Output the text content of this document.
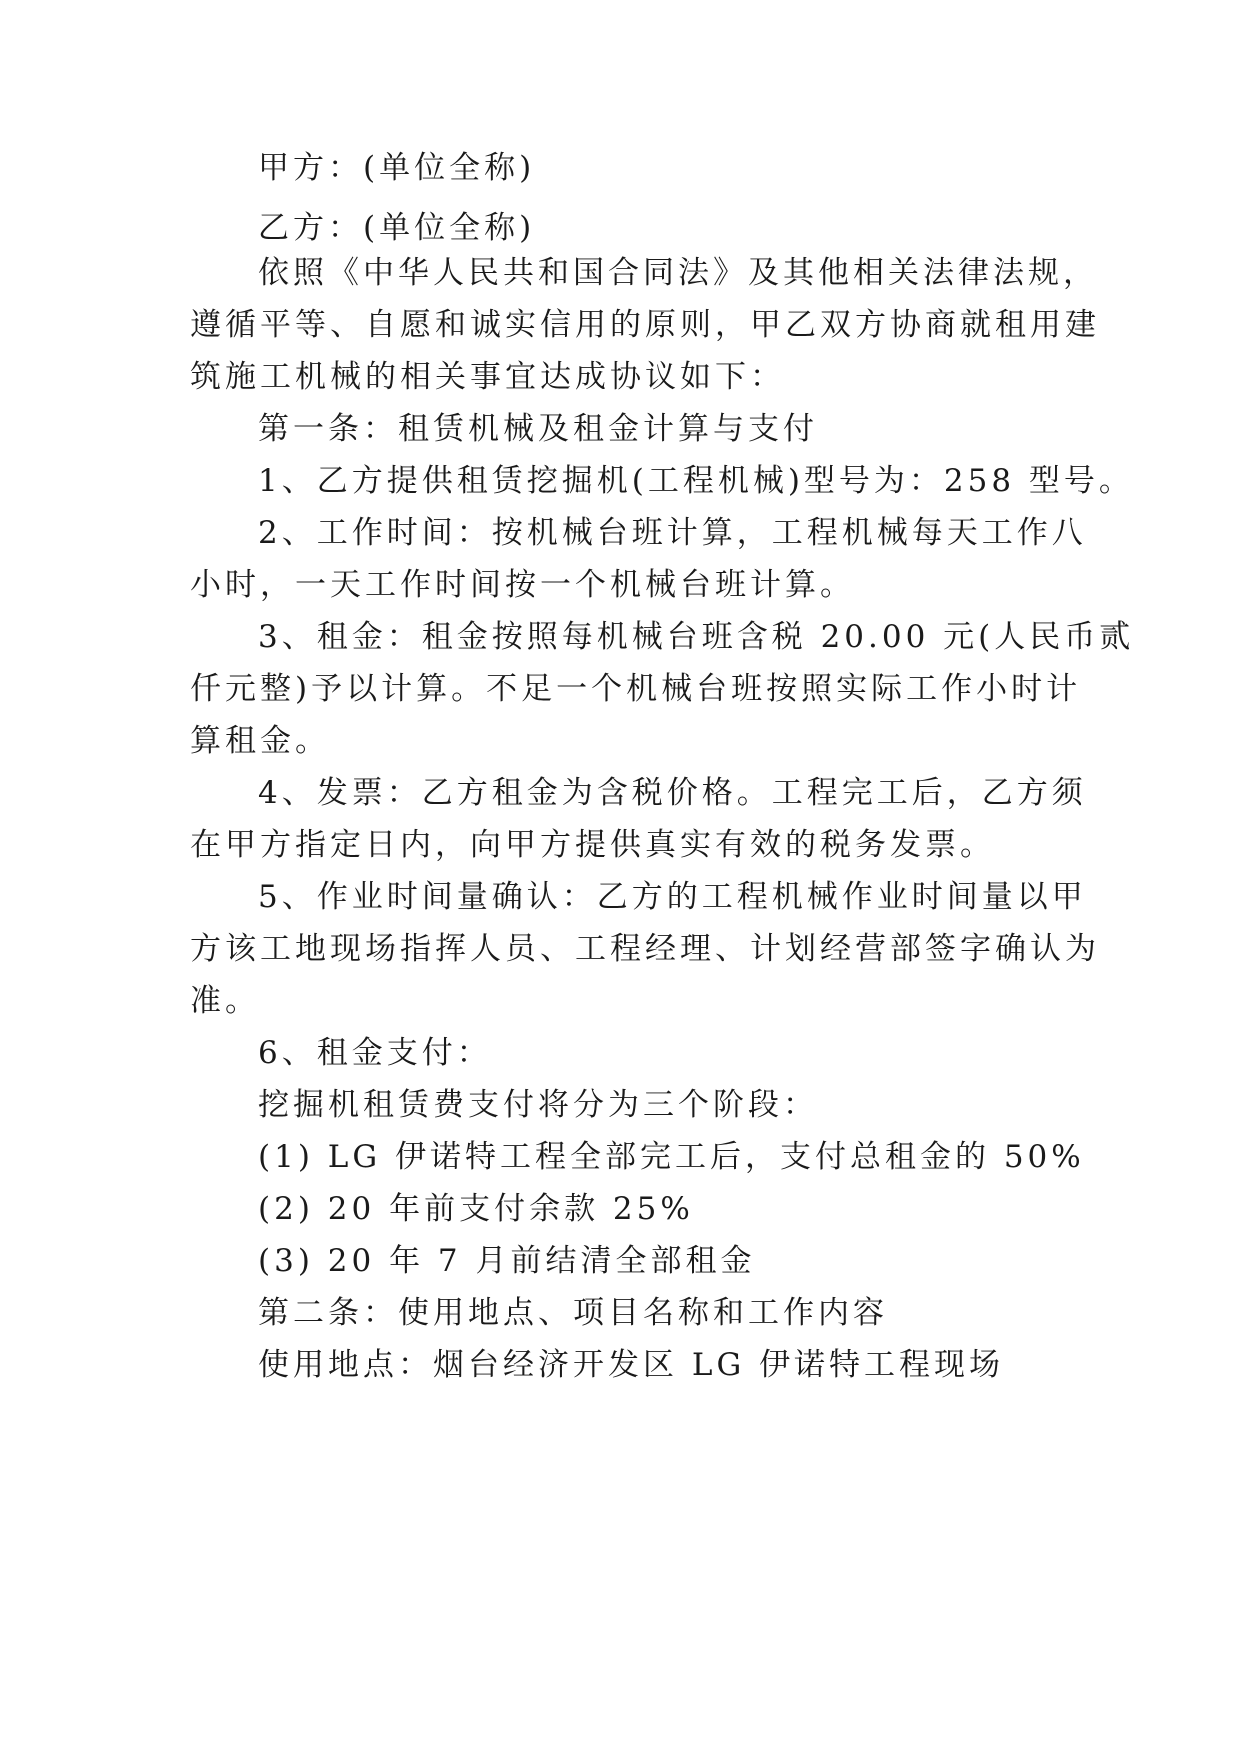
甲方：(单位全称)
乙方：(单位全称)
依照《中华人民共和国合同法》及其他相关法律法规，
遵循平等、自愿和诚实信用的原则，甲乙双方协商就租用建
筑施工机械的相关事宜达成协议如下：
第一条：租赁机械及租金计算与支付
1、乙方提供租赁挖掘机(工程机械)型号为：258 型号。
2、工作时间：按机械台班计算，工程机械每天工作八
小时，一天工作时间按一个机械台班计算。
3、租金：租金按照每机械台班含税 20.00 元(人民币贰
仟元整)予以计算。不足一个机械台班按照实际工作小时计
算租金。
4、发票：乙方租金为含税价格。工程完工后，乙方须
在甲方指定日内，向甲方提供真实有效的税务发票。
5、作业时间量确认：乙方的工程机械作业时间量以甲
方该工地现场指挥人员、工程经理、计划经营部签字确认为
准。
6、租金支付：
挖掘机租赁费支付将分为三个阶段：
(1) LG 伊诺特工程全部完工后，支付总租金的 50%
(2) 20 年前支付余款 25%
(3) 20 年 7 月前结清全部租金
第二条：使用地点、项目名称和工作内容
使用地点：烟台经济开发区 LG 伊诺特工程现场
